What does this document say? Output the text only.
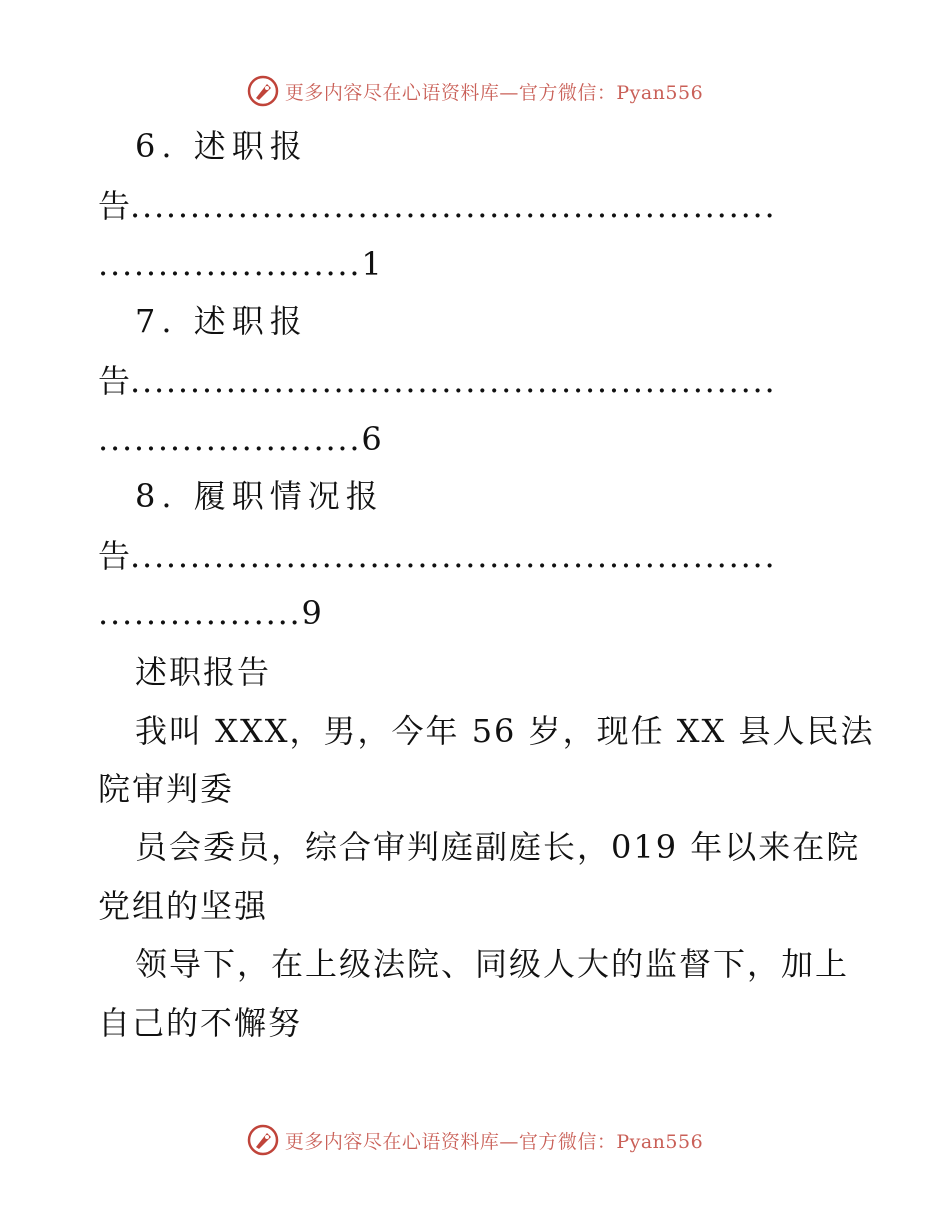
更多内容尽在心语资料库—官方微信：Pyan556
6. 述职报
告......................................................
......................1
7. 述职报
告......................................................
......................6
8. 履职情况报
告......................................................
.................9
述职报告
我叫 XXX，男，今年 56 岁，现任 XX 县人民法
院审判委
员会委员，综合审判庭副庭长，019 年以来在院
党组的坚强
领导下，在上级法院、同级人大的监督下，加上
自己的不懈努
更多内容尽在心语资料库—官方微信：Pyan556
